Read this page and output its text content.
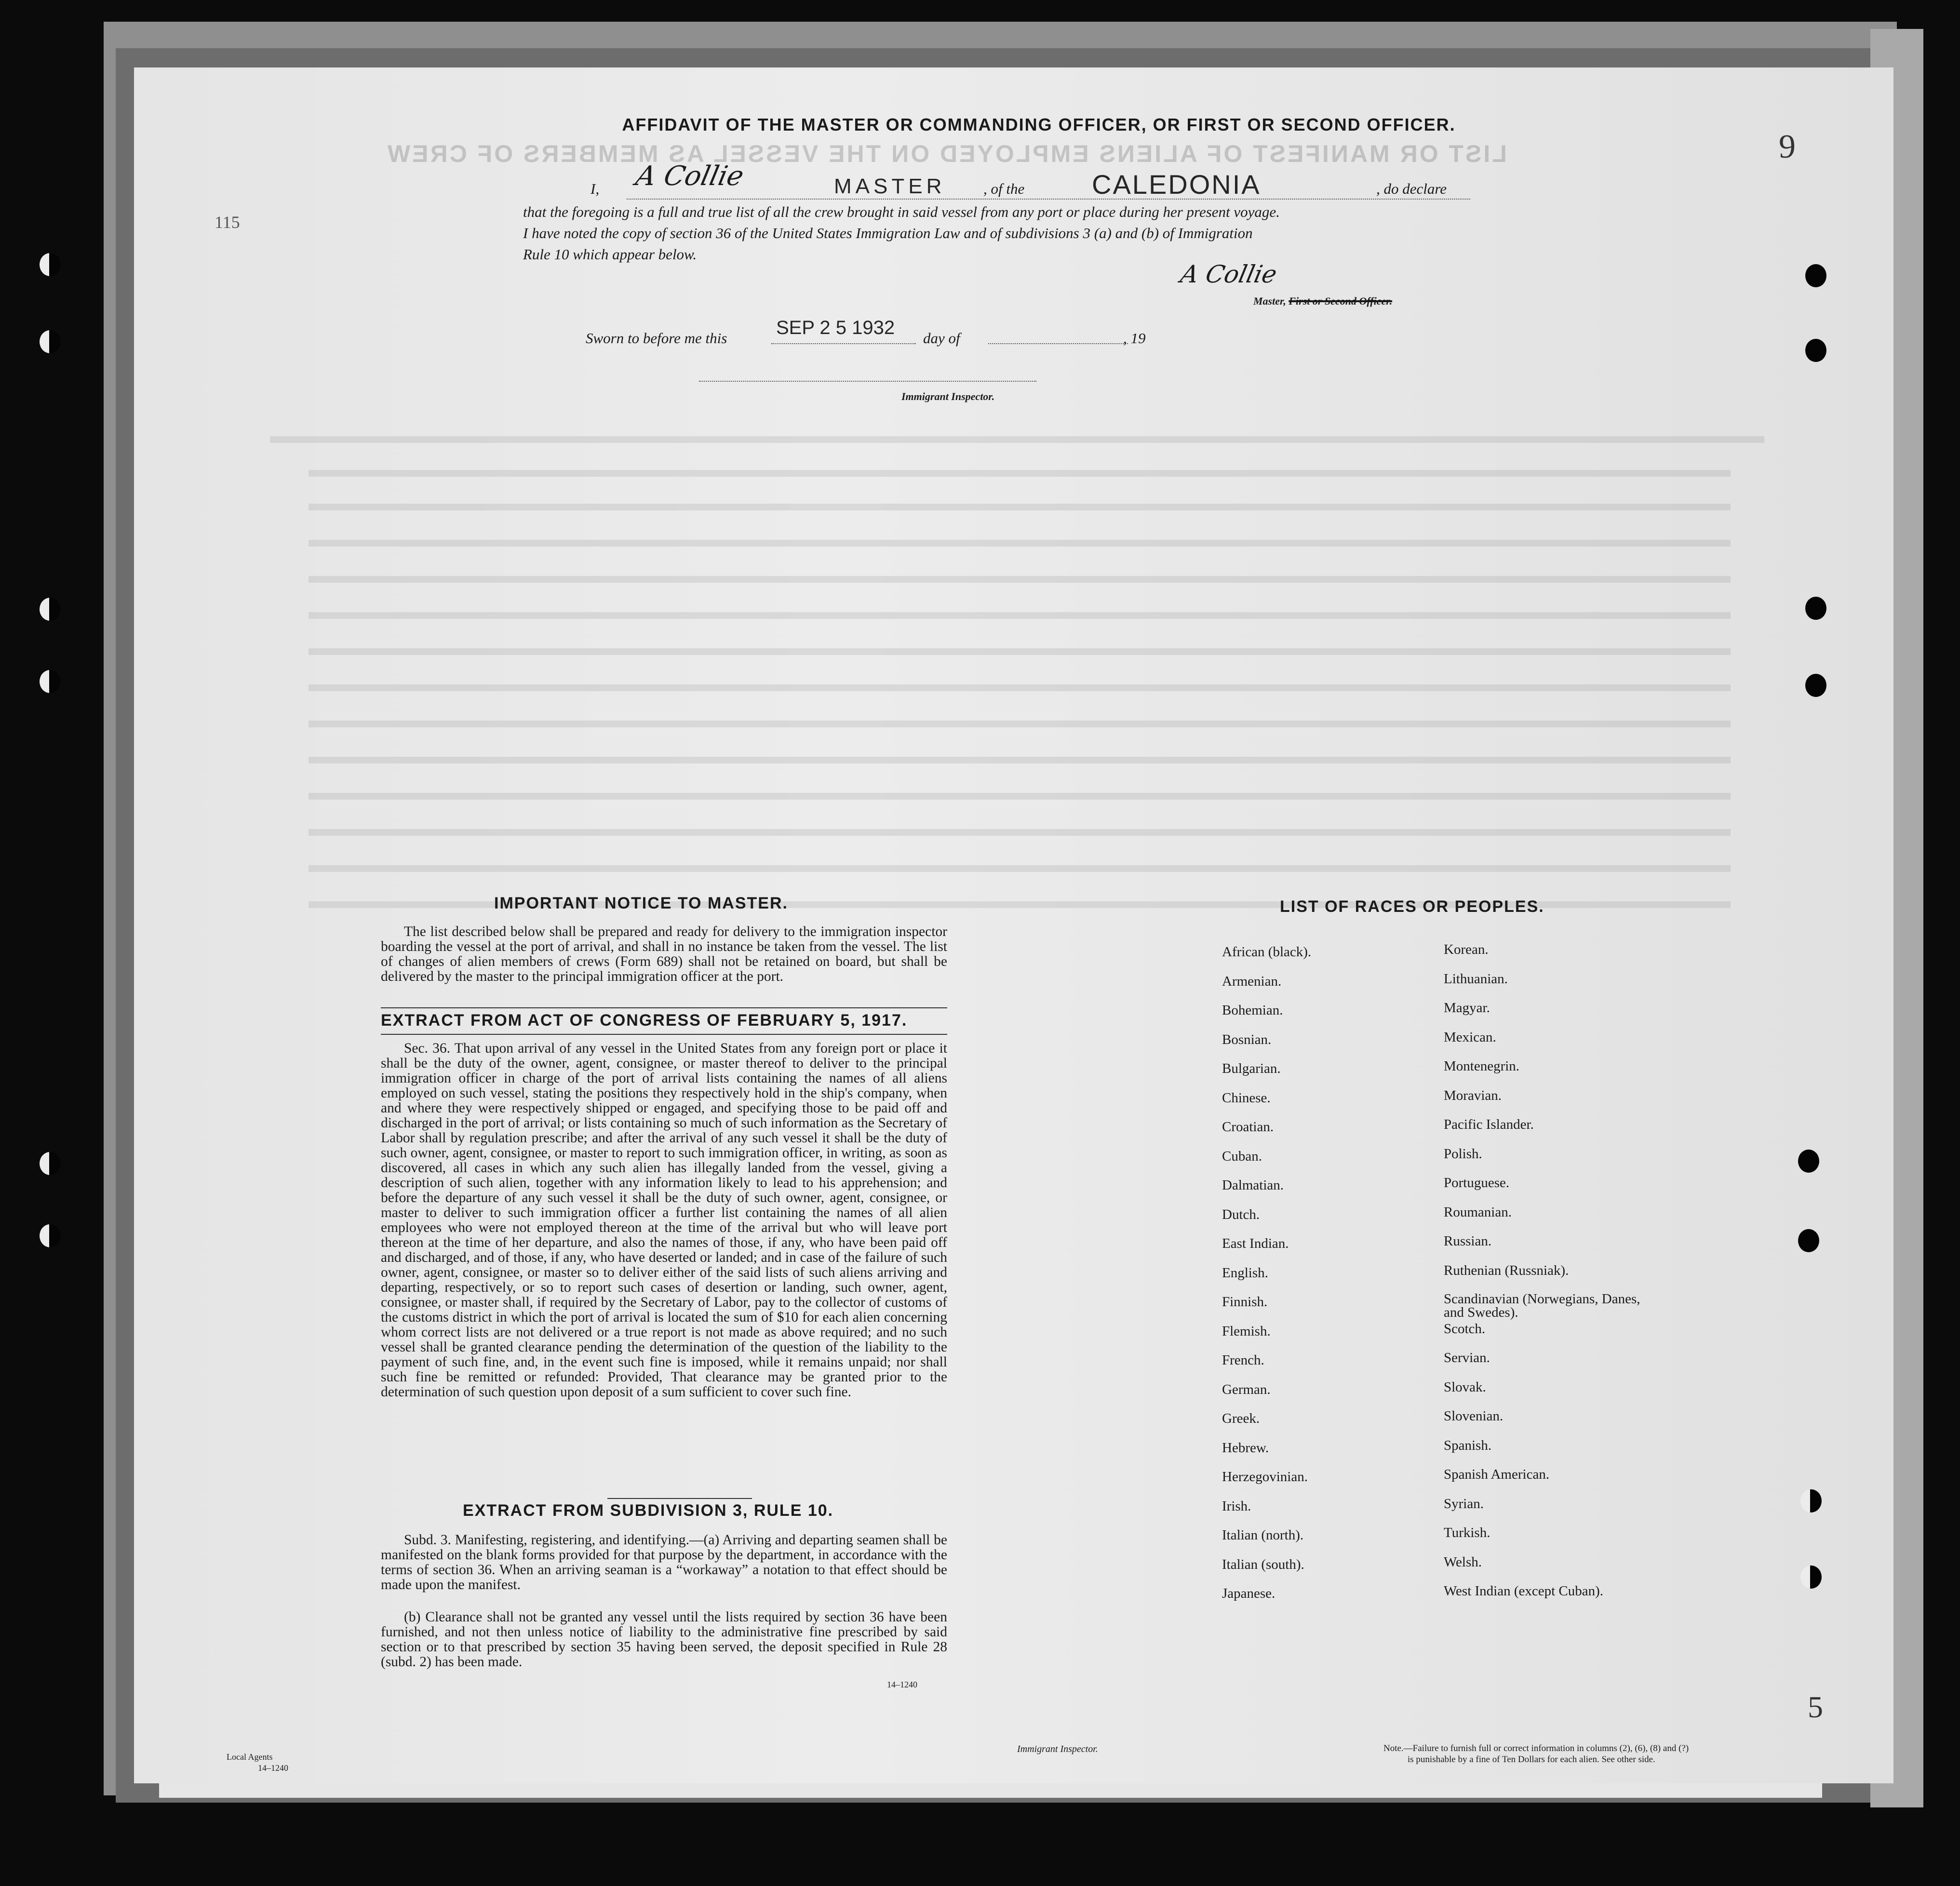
LIST OR MANIFEST OF ALIENS EMPLOYED ON THE VESSEL AS MEMBERS OF CREW	9
5
115
AFFIDAVIT OF THE MASTER OR COMMANDING OFFICER, OR FIRST OR SECOND OFFICER.
I, A Collie	MASTER	, of the CALEDONIA	, do declare
that the foregoing is a full and true list of all the crew brought in said vessel from any port or place during her present voyage.
I have noted the copy of section 36 of the United States Immigration Law and of subdivisions 3 (a) and (b) of Immigration
Rule 10 which appear below.
A Collie
Master, First or Second Officer.
Sworn to before me this	SEP 2 5 1932 day of	, 19
Immigrant Inspector.
IMPORTANT NOTICE TO MASTER.
The list described below shall be prepared and ready for delivery to the immigration inspector boarding the vessel at the port of arrival, and shall in no instance be taken from the vessel. The list of changes of alien members of crews (Form 689) shall not be retained on board, but shall be delivered by the master to the principal immigration officer at the port.
EXTRACT FROM ACT OF CONGRESS OF FEBRUARY 5, 1917.
Sec. 36. That upon arrival of any vessel in the United States from any foreign port or place it shall be the duty of the owner, agent, consignee, or master thereof to deliver to the principal immigration officer in charge of the port of arrival lists containing the names of all aliens employed on such vessel, stating the positions they respectively hold in the ship's company, when and where they were respectively shipped or engaged, and specifying those to be paid off and discharged in the port of arrival; or lists containing so much of such information as the Secretary of Labor shall by regulation prescribe; and after the arrival of any such vessel it shall be the duty of such owner, agent, consignee, or master to report to such immigration officer, in writing, as soon as discovered, all cases in which any such alien has illegally landed from the vessel, giving a description of such alien, together with any information likely to lead to his apprehension; and before the departure of any such vessel it shall be the duty of such owner, agent, consignee, or master to deliver to such immigration officer a further list containing the names of all alien employees who were not employed thereon at the time of the arrival but who will leave port thereon at the time of her departure, and also the names of those, if any, who have been paid off and discharged, and of those, if any, who have deserted or landed; and in case of the failure of such owner, agent, consignee, or master so to deliver either of the said lists of such aliens arriving and departing, respectively, or so to report such cases of desertion or landing, such owner, agent, consignee, or master shall, if required by the Secretary of Labor, pay to the collector of customs of the customs district in which the port of arrival is located the sum of $10 for each alien concerning whom correct lists are not delivered or a true report is not made as above required; and no such vessel shall be granted clearance pending the determination of the question of the liability to the payment of such fine, and, in the event such fine is imposed, while it remains unpaid; nor shall such fine be remitted or refunded: Provided, That clearance may be granted prior to the determination of such question upon deposit of a sum sufficient to cover such fine.
EXTRACT FROM SUBDIVISION 3, RULE 10.
Subd. 3. Manifesting, registering, and identifying.—(a) Arriving and departing seamen shall be manifested on the blank forms provided for that purpose by the department, in accordance with the terms of section 36. When an arriving seaman is a “workaway” a notation to that effect should be made upon the manifest.
(b) Clearance shall not be granted any vessel until the lists required by section 36 have been furnished, and not then unless notice of liability to the administrative fine prescribed by said section or to that prescribed by section 35 having been served, the deposit specified in Rule 28 (subd. 2) has been made.
14–1240
LIST OF RACES OR PEOPLES.
African (black).
Armenian.
Bohemian.
Bosnian.
Bulgarian.
Chinese.
Croatian.
Cuban.
Dalmatian.
Dutch.
East Indian.
English.
Finnish.
Flemish.
French.
German.
Greek.
Hebrew.
Herzegovinian.
Irish.
Italian (north).
Italian (south).
Japanese.
Korean.
Lithuanian.
Magyar.
Mexican.
Montenegrin.
Moravian.
Pacific Islander.
Polish.
Portuguese.
Roumanian.
Russian.
Ruthenian (Russniak).
Scandinavian (Norwegians, Danes, and Swedes).
Scotch.
Servian.
Slovak.
Slovenian.
Spanish.
Spanish American.
Syrian.
Turkish.
Welsh.
West Indian (except Cuban).
Local Agents
14–1240
Immigrant Inspector.	Note.—Failure to furnish full or correct information in columns (2), (6), (8) and (?)
is punishable by a fine of Ten Dollars for each alien. See other side.
